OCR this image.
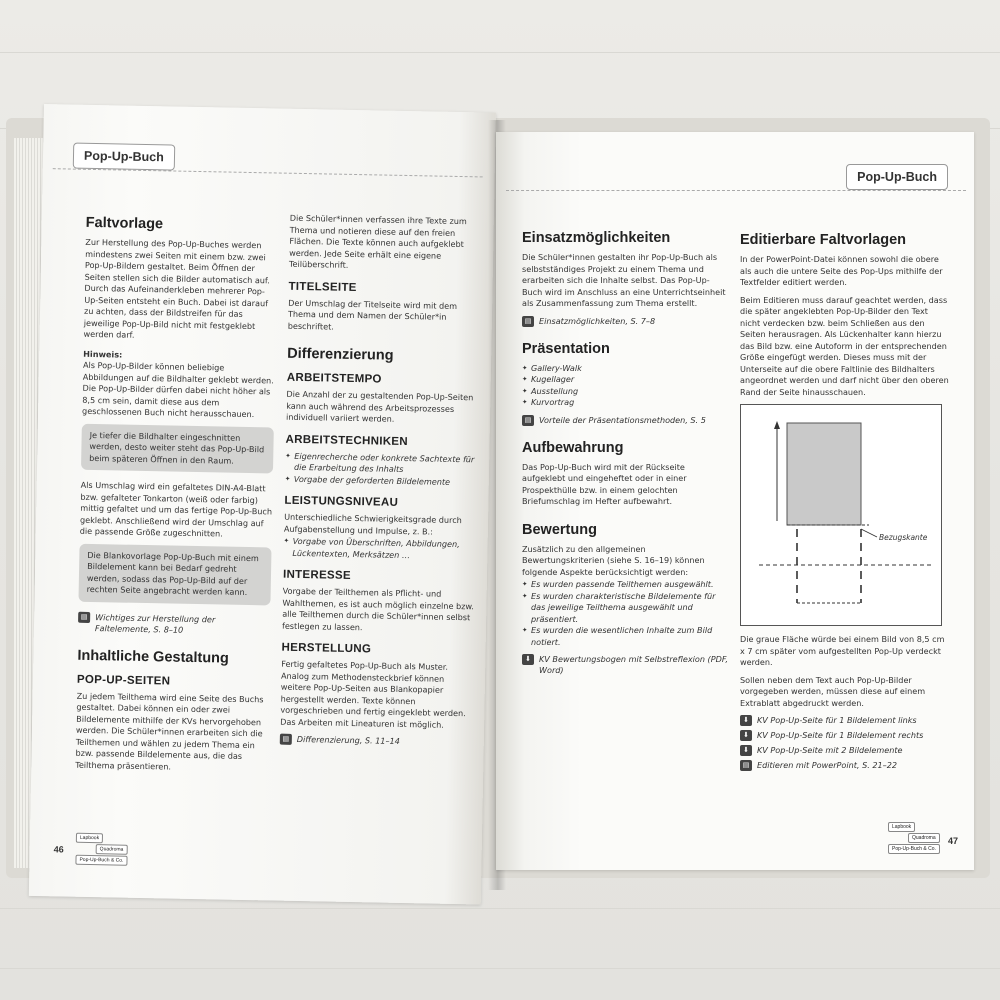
Pop-Up-Buch
Faltvorlage

Zur Herstellung des Pop-Up-Buches werden mindestens zwei Seiten mit einem bzw. zwei Pop-Up-Bildern gestaltet. Beim Öffnen der Seiten stellen sich die Bilder automatisch auf. Durch das Aufeinanderkleben mehrerer Pop-Up-Seiten entsteht ein Buch. Dabei ist darauf zu achten, dass der Bildstreifen für das jeweilige Pop-Up-Bild nicht mit festgeklebt werden darf.

Hinweis:

Als Pop-Up-Bilder können beliebige Abbildungen auf die Bildhalter geklebt werden. Die Pop-Up-Bilder dürfen dabei nicht höher als 8,5 cm sein, damit diese aus dem geschlossenen Buch nicht herausschauen.

Je tiefer die Bildhalter eingeschnitten werden, desto weiter steht das Pop-Up-Bild beim späteren Öffnen in den Raum.

Als Umschlag wird ein gefaltetes DIN-A4-Blatt bzw. gefalteter Tonkarton (weiß oder farbig) mittig gefaltet und um das fertige Pop-Up-Buch geklebt. Anschließend wird der Umschlag auf die passende Größe zugeschnitten.

Die Blankovorlage Pop-Up-Buch mit einem Bildelement kann bei Bedarf gedreht werden, sodass das Pop-Up-Bild auf der rechten Seite angebracht werden kann.

▤ Wichtiges zur Herstellung der Faltelemente, S. 8–10
Inhaltliche Gestaltung
POP-UP-SEITEN

Zu jedem Teilthema wird eine Seite des Buchs gestaltet. Dabei können ein oder zwei Bildelemente mithilfe der KVs hervorgehoben werden. Die Schüler*innen erarbeiten sich die Teilthemen und wählen zu jedem Thema ein bzw. passende Bildelemente aus, die das Teilthema präsentieren.

Die Schüler*innen verfassen ihre Texte zum Thema und notieren diese auf den freien Flächen. Die Texte können auch aufgeklebt werden. Jede Seite erhält eine eigene Teilüberschrift.

TITELSEITE

Der Umschlag der Titelseite wird mit dem Thema und dem Namen der Schüler*in beschriftet.

Differenzierung
ARBEITSTEMPO

Die Anzahl der zu gestaltenden Pop-Up-Seiten kann auch während des Arbeitsprozesses individuell variiert werden.

ARBEITSTECHNIKEN
✦ Eigenrecherche oder konkrete Sachtexte für die Erarbeitung des Inhalts
✦ Vorgabe der geforderten Bildelemente
LEISTUNGSNIVEAU

Unterschiedliche Schwierigkeitsgrade durch Aufgabenstellung und Impulse, z. B.:

✦ Vorgabe von Überschriften, Abbildungen, Lückentexten, Merksätzen …
INTERESSE

Vorgabe der Teilthemen als Pflicht- und Wahlthemen, es ist auch möglich einzelne bzw. alle Teilthemen durch die Schüler*innen selbst festlegen zu lassen.

HERSTELLUNG

Fertig gefaltetes Pop-Up-Buch als Muster. Analog zum Methodensteckbrief können weitere Pop-Up-Seiten aus Blankopapier hergestellt werden. Texte können vorgeschrieben und fertig eingeklebt werden. Das Arbeiten mit Lineaturen ist möglich.

▤ Differenzierung, S. 11–14
46
Lapbook
Quadroma
Pop-Up-Buch & Co.
Pop-Up-Buch
Einsatzmöglichkeiten

Die Schüler*innen gestalten ihr Pop-Up-Buch als selbstständiges Projekt zu einem Thema und erarbeiten sich die Inhalte selbst. Das Pop-Up-Buch wird im Anschluss an eine Unterrichtseinheit als Zusammenfassung zum Thema erstellt.

▤ Einsatzmöglichkeiten, S. 7–8
Präsentation
✦ Gallery-Walk
✦ Kugellager
✦ Ausstellung
✦ Kurvortrag
▤ Vorteile der Präsentationsmethoden, S. 5
Aufbewahrung

Das Pop-Up-Buch wird mit der Rückseite aufgeklebt und eingeheftet oder in einer Prospekthülle bzw. in einem gelochten Briefumschlag im Hefter aufbewahrt.

Bewertung

Zusätzlich zu den allgemeinen Bewertungskriterien (siehe S. 16–19) können folgende Aspekte berücksichtigt werden:

✦ Es wurden passende Teilthemen ausgewählt.
✦ Es wurden charakteristische Bildelemente für das jeweilige Teilthema ausgewählt und präsentiert.
✦ Es wurden die wesentlichen Inhalte zum Bild notiert.
⬇ KV Bewertungsbogen mit Selbstreflexion (PDF, Word)
Editierbare Faltvorlagen

In der PowerPoint-Datei können sowohl die obere als auch die untere Seite des Pop-Ups mithilfe der Textfelder editiert werden.

Beim Editieren muss darauf geachtet werden, dass die später angeklebten Pop-Up-Bilder den Text nicht verdecken bzw. beim Schließen aus den Seiten herausragen. Als Lückenhalter kann hierzu das Bild bzw. eine Autoform in der entsprechenden Größe eingefügt werden. Dieses muss mit der Unterseite auf die obere Faltlinie des Bildhalters angeordnet werden und darf nicht über den oberen Rand der Seite hinausschauen.

Bezugskante

Die graue Fläche würde bei einem Bild von 8,5 cm x 7 cm später vom aufgestellten Pop-Up verdeckt werden.

Sollen neben dem Text auch Pop-Up-Bilder vorgegeben werden, müssen diese auf einem Extrablatt abgedruckt werden.

⬇ KV Pop-Up-Seite für 1 Bildelement links
⬇ KV Pop-Up-Seite für 1 Bildelement rechts
⬇ KV Pop-Up-Seite mit 2 Bildelemente
▤ Editieren mit PowerPoint, S. 21–22
Lapbook
Quadroma
Pop-Up-Buch & Co.
47
